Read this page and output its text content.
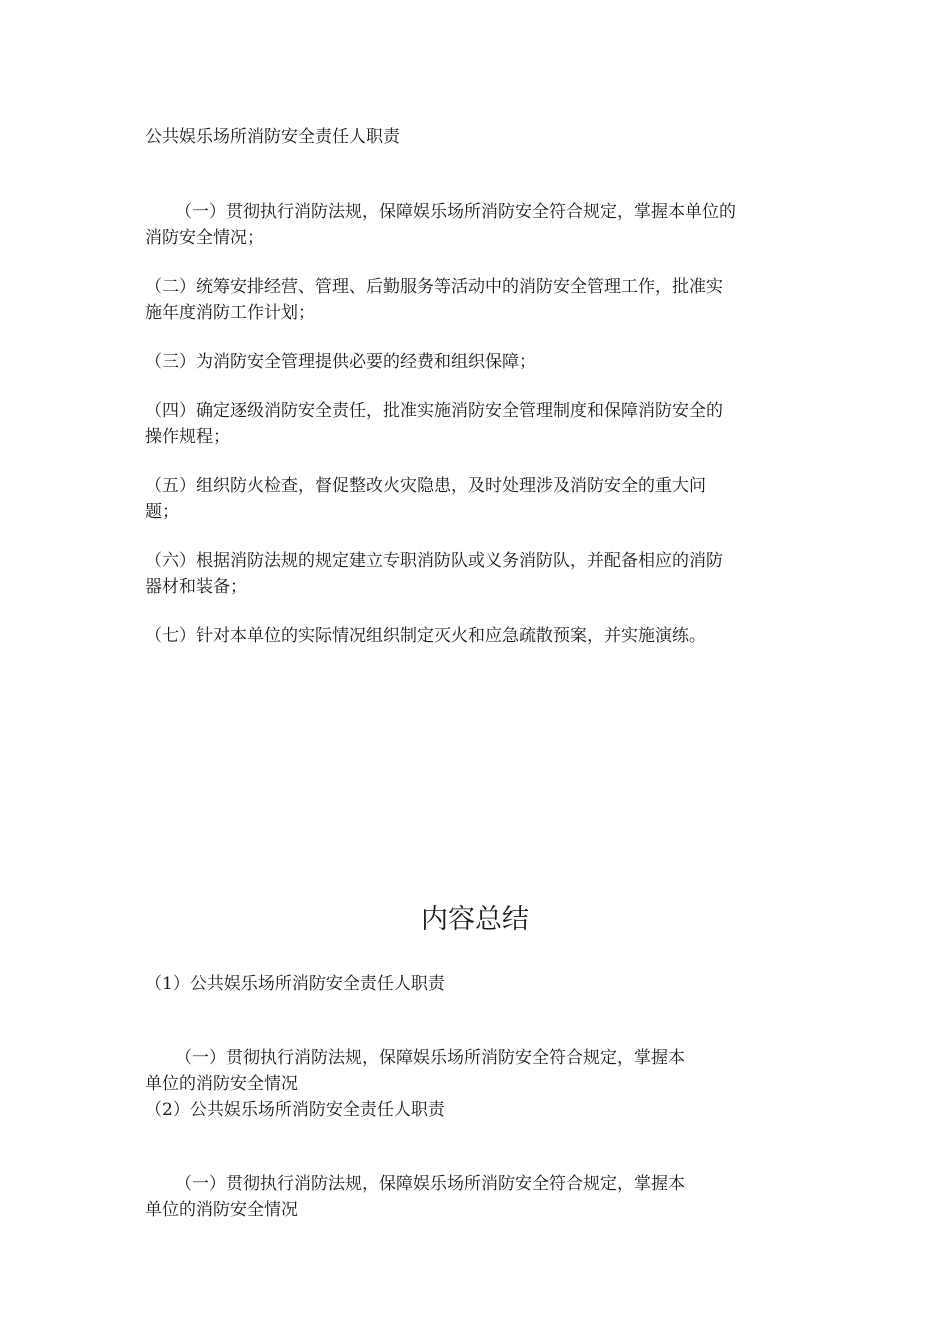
公共娱乐场所消防安全责任人职责
（一）贯彻执行消防法规，保障娱乐场所消防安全符合规定，掌握本单位的
消防安全情况；
（二）统筹安排经营、管理、后勤服务等活动中的消防安全管理工作，批准实
施年度消防工作计划；
（三）为消防安全管理提供必要的经费和组织保障；
（四）确定逐级消防安全责任，批准实施消防安全管理制度和保障消防安全的
操作规程；
（五）组织防火检查，督促整改火灾隐患，及时处理涉及消防安全的重大问
题；
（六）根据消防法规的规定建立专职消防队或义务消防队，并配备相应的消防
器材和装备；
（七）针对本单位的实际情况组织制定灭火和应急疏散预案，并实施演练。
内容总结
（1）公共娱乐场所消防安全责任人职责
（一）贯彻执行消防法规，保障娱乐场所消防安全符合规定，掌握本
单位的消防安全情况
（2）公共娱乐场所消防安全责任人职责
（一）贯彻执行消防法规，保障娱乐场所消防安全符合规定，掌握本
单位的消防安全情况
